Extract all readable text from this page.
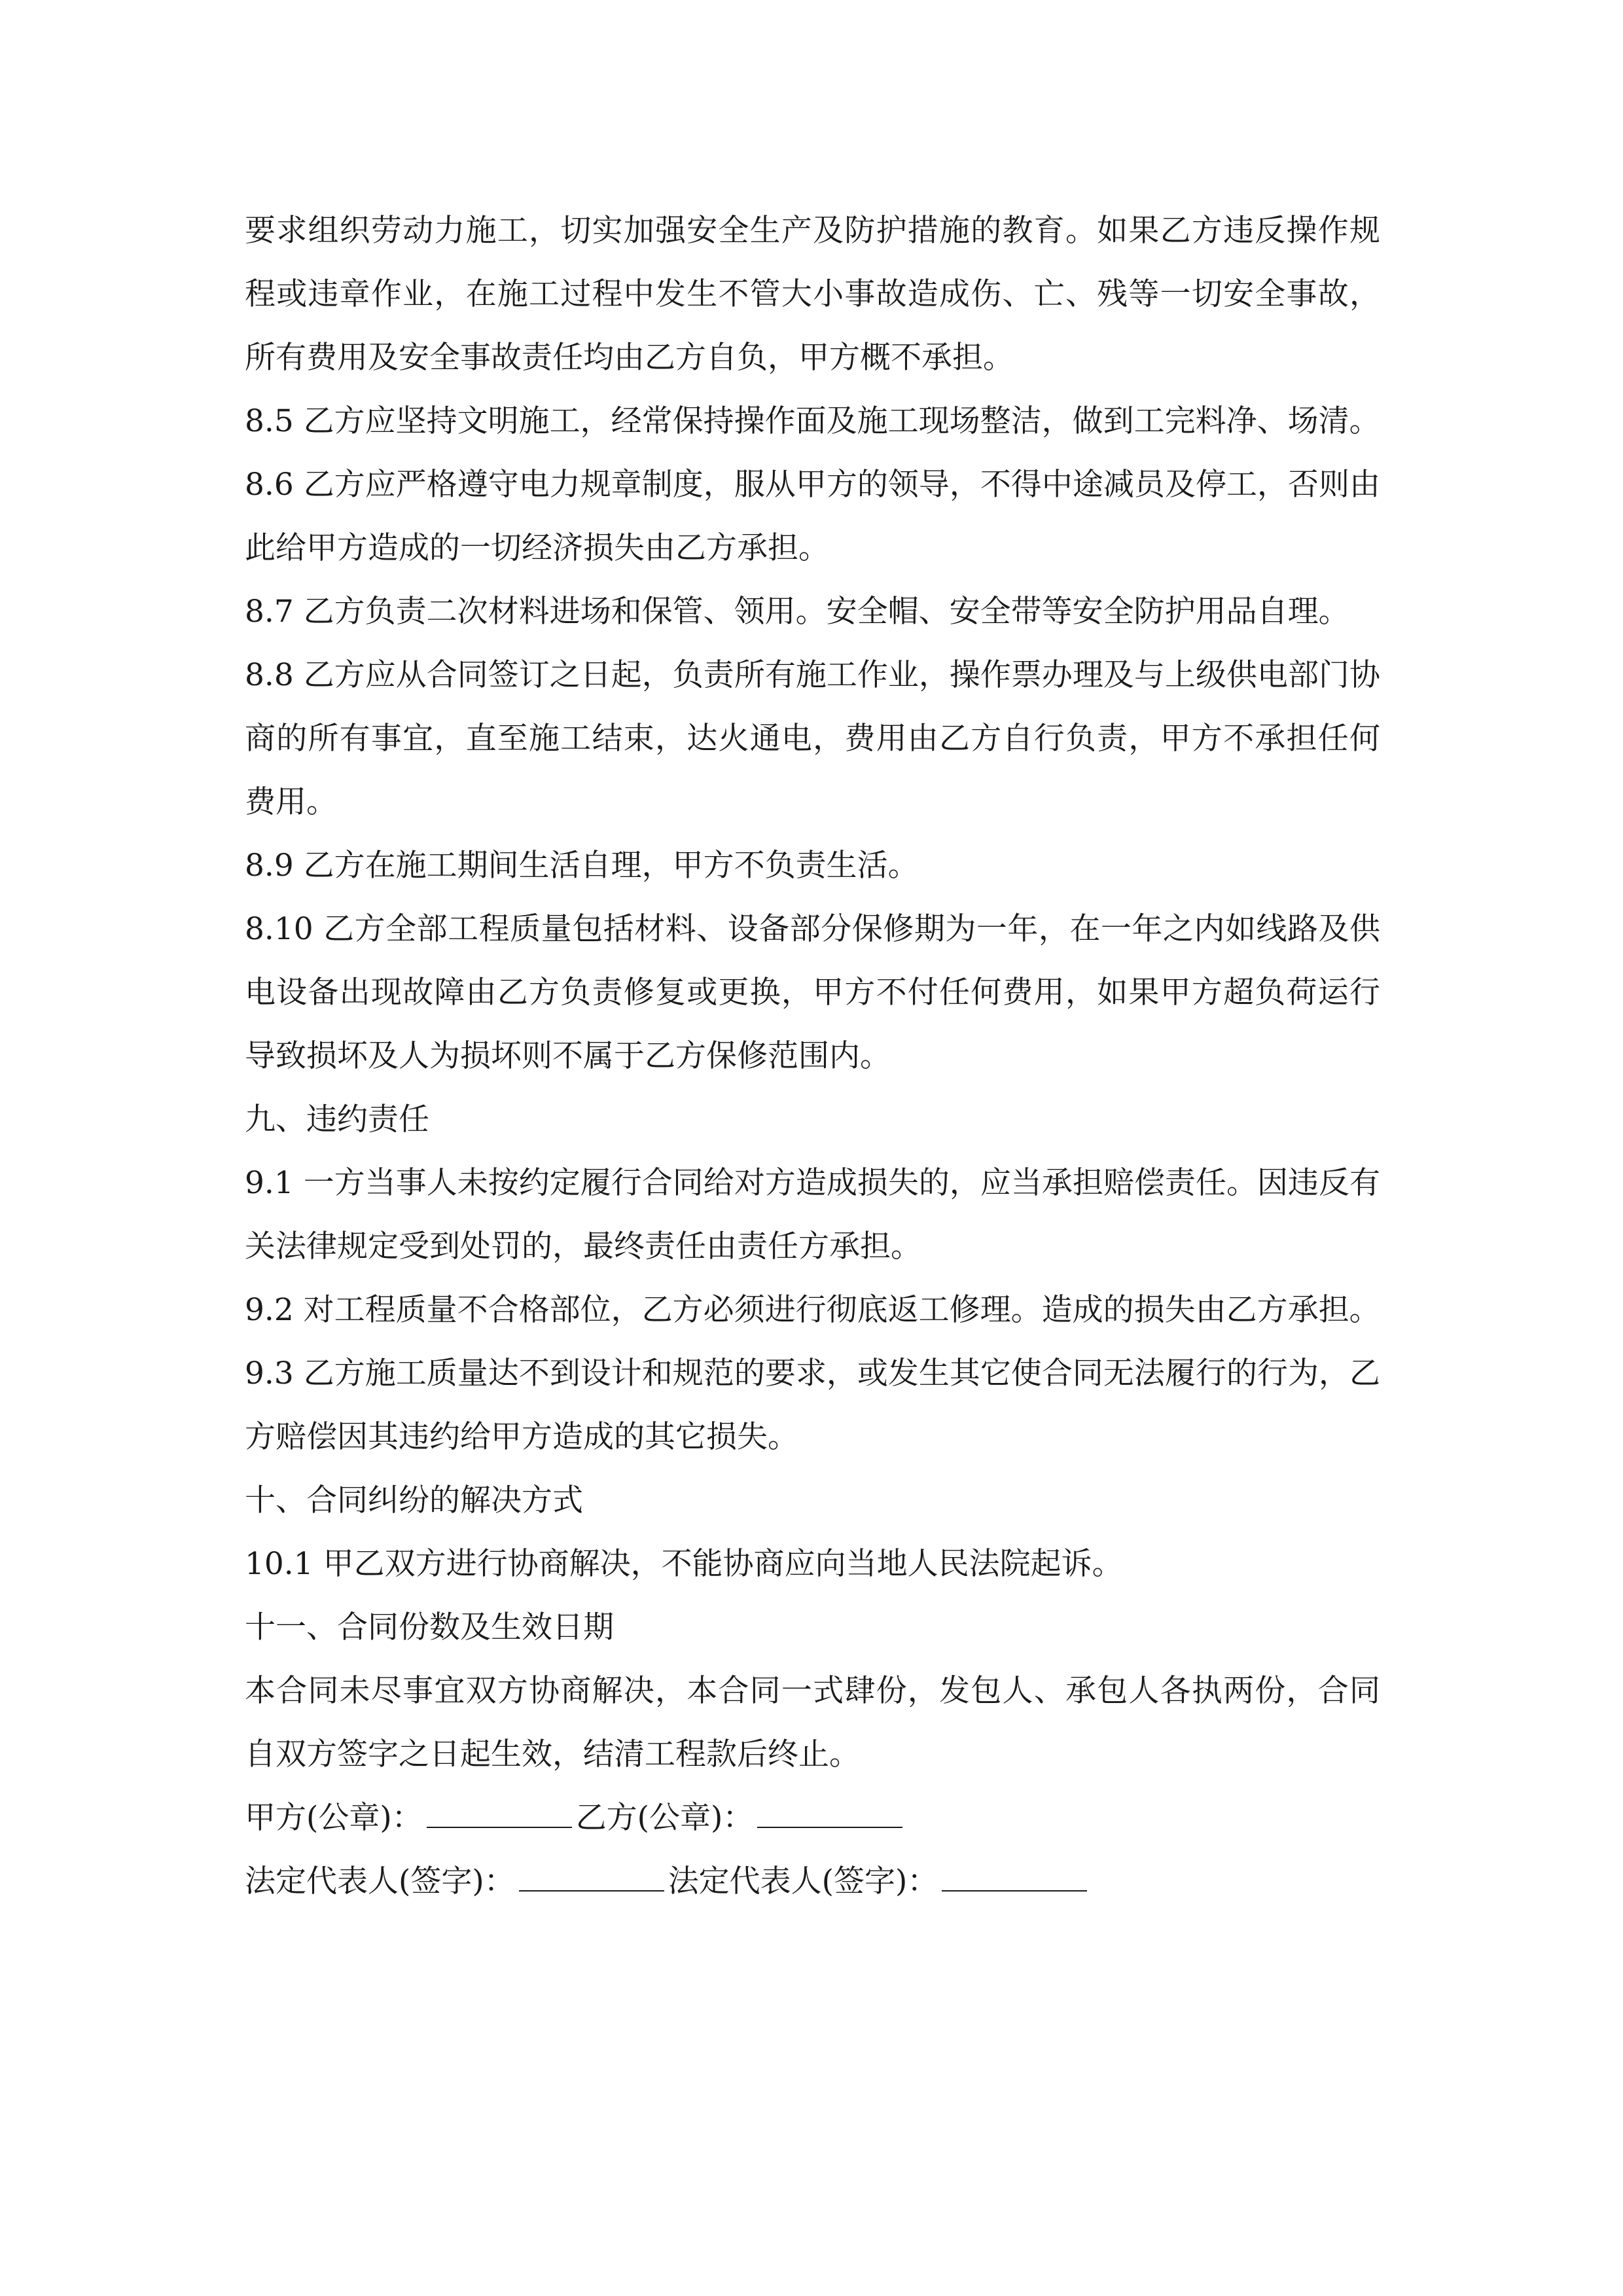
要求组织劳动力施工，切实加强安全生产及防护措施的教育。如果乙方违反操作规程或违章作业，在施工过程中发生不管大小事故造成伤、亡、残等一切安全事故，所有费用及安全事故责任均由乙方自负，甲方概不承担。

8.5 乙方应坚持文明施工，经常保持操作面及施工现场整洁，做到工完料净、场清。

8.6 乙方应严格遵守电力规章制度，服从甲方的领导，不得中途减员及停工，否则由此给甲方造成的一切经济损失由乙方承担。

8.7 乙方负责二次材料进场和保管、领用。安全帽、安全带等安全防护用品自理。

8.8 乙方应从合同签订之日起，负责所有施工作业，操作票办理及与上级供电部门协商的所有事宜，直至施工结束，达火通电，费用由乙方自行负责，甲方不承担任何费用。

8.9 乙方在施工期间生活自理，甲方不负责生活。

8.10 乙方全部工程质量包括材料、设备部分保修期为一年，在一年之内如线路及供电设备出现故障由乙方负责修复或更换，甲方不付任何费用，如果甲方超负荷运行导致损坏及人为损坏则不属于乙方保修范围内。

九、违约责任

9.1 一方当事人未按约定履行合同给对方造成损失的，应当承担赔偿责任。因违反有关法律规定受到处罚的，最终责任由责任方承担。

9.2 对工程质量不合格部位，乙方必须进行彻底返工修理。造成的损失由乙方承担。

9.3 乙方施工质量达不到设计和规范的要求，或发生其它使合同无法履行的行为，乙方赔偿因其违约给甲方造成的其它损失。

十、合同纠纷的解决方式

10.1 甲乙双方进行协商解决，不能协商应向当地人民法院起诉。

十一、合同份数及生效日期

本合同未尽事宜双方协商解决，本合同一式肆份，发包人、承包人各执两份，合同自双方签字之日起生效，结清工程款后终止。

甲方(公章)：	乙方(公章)：

法定代表人(签字)：	法定代表人(签字)：
